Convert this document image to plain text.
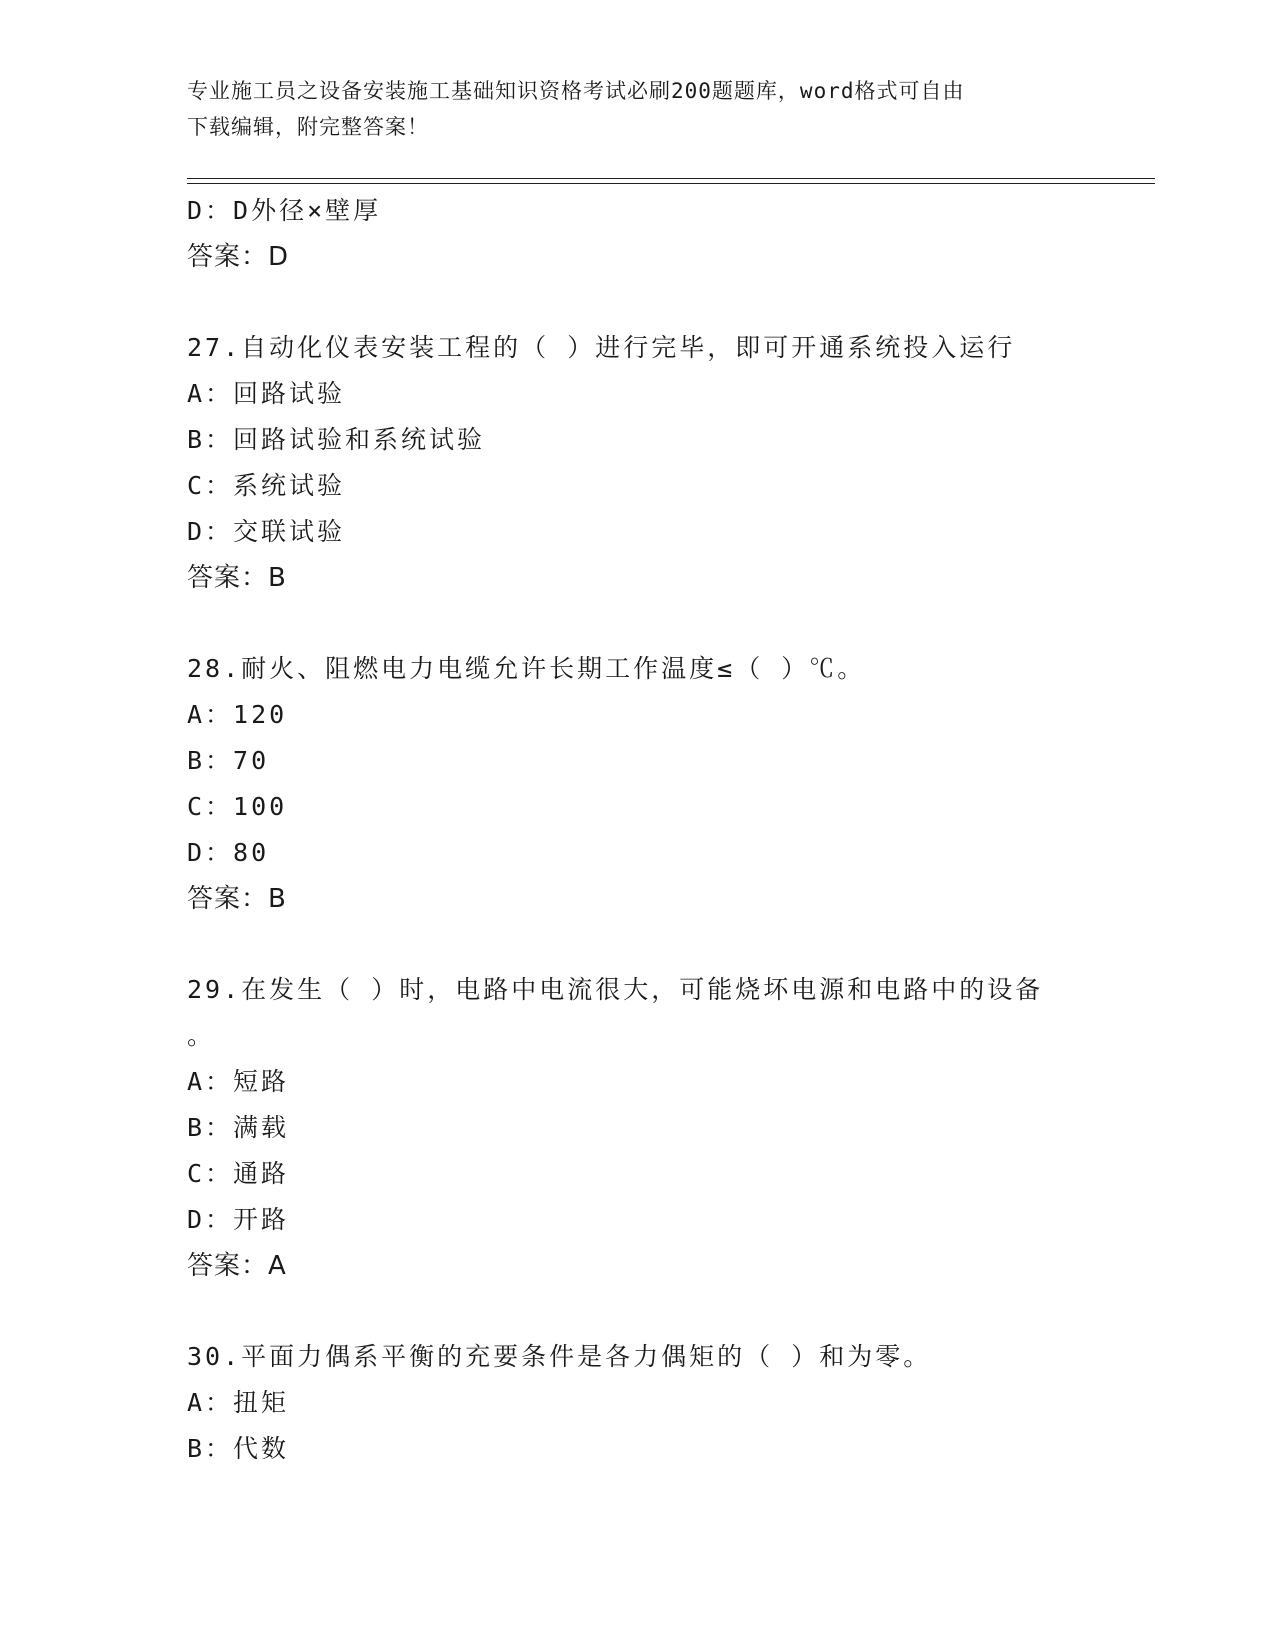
专业施工员之设备安装施工基础知识资格考试必刷200题题库，word格式可自由
下载编辑，附完整答案！
D：D外径×壁厚
答案：D
27.自动化仪表安装工程的（ ）进行完毕，即可开通系统投入运行
A：回路试验
B：回路试验和系统试验
C：系统试验
D：交联试验
答案：B
28.耐火、阻燃电力电缆允许长期工作温度≤（ ）℃。
A：120
B：70
C：100
D：80
答案：B
29.在发生（ ）时，电路中电流很大，可能烧坏电源和电路中的设备
。
A：短路
B：满载
C：通路
D：开路
答案：A
30.平面力偶系平衡的充要条件是各力偶矩的（ ）和为零。
A：扭矩
B：代数
